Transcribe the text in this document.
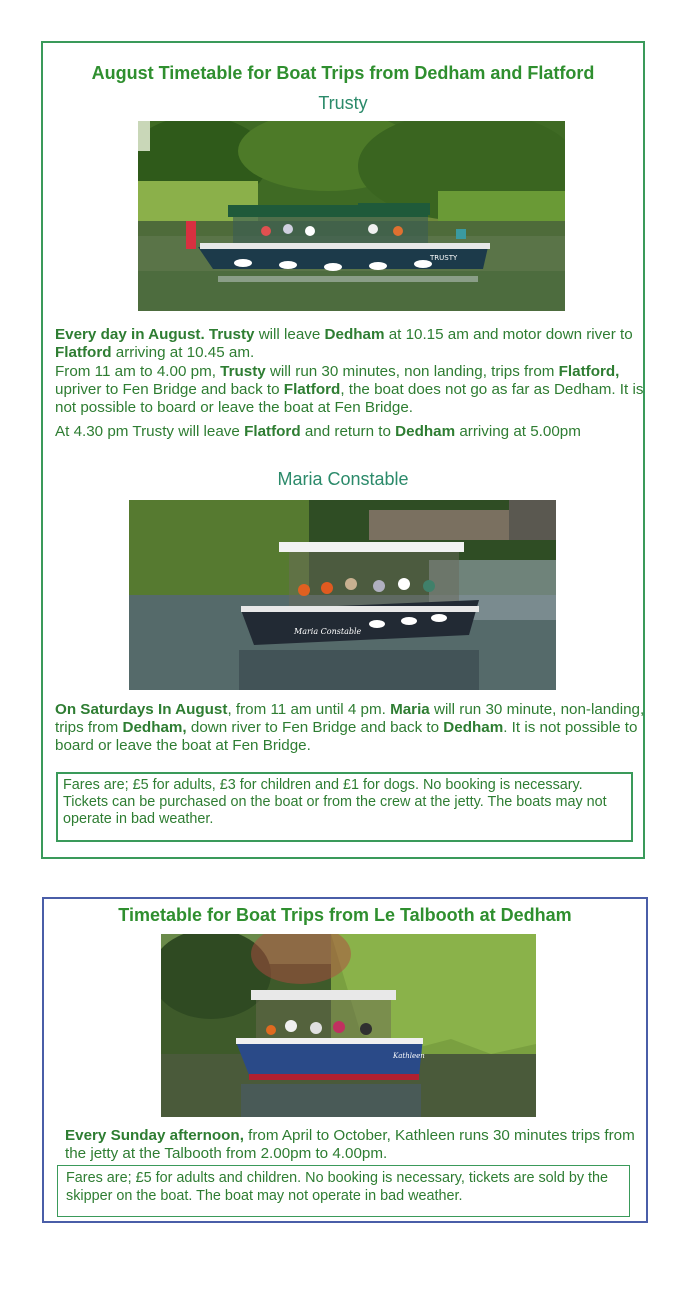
August Timetable for Boat Trips from Dedham and Flatford
Trusty
TRUSTY
Every day in August. Trusty will leave Dedham at 10.15 am and motor down river to Flatford arriving at 10.45 am.
From 11 am to 4.00 pm, Trusty will run 30 minutes, non landing, trips from Flatford, upriver to Fen Bridge and back to Flatford, the boat does not go as far as Dedham. It is not possible to board or leave the boat at Fen Bridge.
At 4.30 pm Trusty will leave Flatford and return to Dedham arriving at 5.00pm
Maria Constable
Maria Constable
On Saturdays In August, from 11 am until 4 pm. Maria will run 30 minute, non-landing, trips from Dedham, down river to Fen Bridge and back to Dedham. It is not possible to board or leave the boat at Fen Bridge.
Fares are; £5 for adults, £3 for children and £1 for dogs. No booking is necessary. Tickets can be purchased on the boat or from the crew at the jetty. The boats may not operate in bad weather.
Timetable for Boat Trips from Le Talbooth at Dedham
Kathleen
Every Sunday afternoon, from April to October, Kathleen runs 30 minutes trips from the jetty at the Talbooth from 2.00pm to 4.00pm.
Fares are; £5 for adults and children. No booking is necessary, tickets are sold by the skipper on the boat. The boat may not operate in bad weather.
